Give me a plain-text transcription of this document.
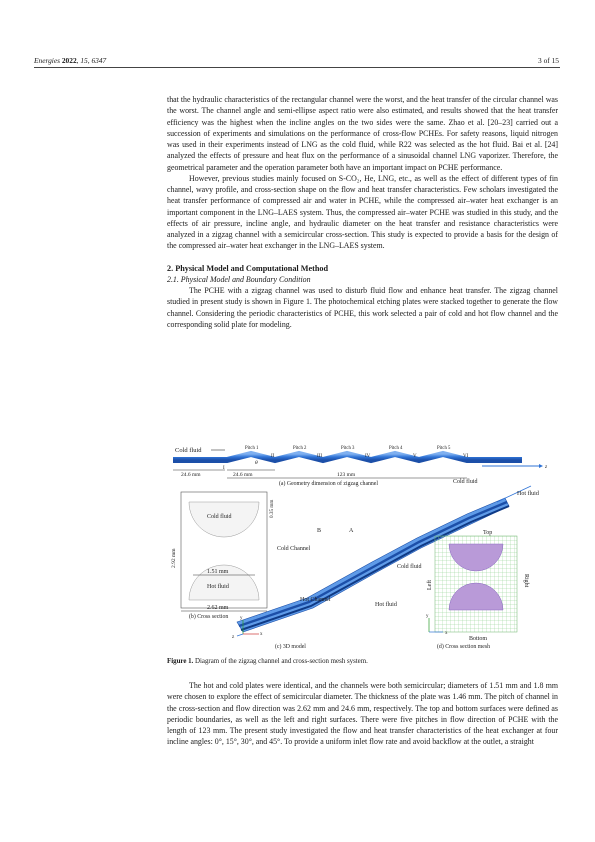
Energies 2022, 15, 6347	3 of 15

that the hydraulic characteristics of the rectangular channel were the worst, and the heat transfer of the circular channel was the worst. The channel angle and semi-ellipse aspect ratio were also estimated, and results showed that the heat transfer efficiency was the highest when the incline angles on the two sides were the same. Zhao et al. [20–23] carried out a succession of experiments and simulations on the performance of cross-flow PCHEs. For safety reasons, liquid nitrogen was used in their experiments instead of LNG as the cold fluid, while R22 was selected as the hot fluid. Bai et al. [24] analyzed the effects of pressure and heat flux on the performance of a sinusoidal channel LNG vaporizer. Therefore, the geometrical parameter and the operation parameter both have an important impact on PCHE performance.

However, previous studies mainly focused on S-CO₂, He, LNG, etc., as well as the effect of different types of fin channel, wavy profile, and cross-section shape on the flow and heat transfer characteristics. Few scholars investigated the heat transfer performance of compressed air and water in PCHE, while the compressed air–water heat exchanger is an important component in the LNG–LAES system. Thus, the compressed air–water PCHE was studied in this study, and the effects of air pressure, incline angle, and hydraulic diameter on the heat transfer and resistance characteristics were analyzed in a zigzag channel with a semicircular cross-section. This study is expected to provide a basis for the design of the compressed air–water heat exchanger in the LNG–LAES system.

2. Physical Model and Computational Method

2.1. Physical Model and Boundary Condition

The PCHE with a zigzag channel was used to disturb fluid flow and enhance heat transfer. The zigzag channel studied in present study is shown in Figure 1. The photochemical etching plates were stacked together to generate the flow channel. Considering the periodic characteristics of PCHE, this work selected a pair of cold and hot flow channel and the corresponding solid plate for modeling.

Cold fluid
z
Pitch 1	Pitch 2	Pitch 3	Pitch 4	Pitch 5
I
II	III	IV	V	VI
θ
24.6 mm	24.6 mm	123 mm
(a) Geometry dimension of zigzag channel
Cold fluid
Hot fluid
1.51 mm
2.62 mm
2.92 mm
0.35 mm
(b) Cross section
Cold Channel
B	A
Hot Channel
Cold fluid
Hot fluid
y
x
z
(c) 3D model
Top
Bottom
Left	Right
Cold fluid
Hot fluid
y
x
(d) Cross section mesh
Figure 1. Diagram of the zigzag channel and cross-section mesh system.

The hot and cold plates were identical, and the channels were both semicircular; diameters of 1.51 mm and 1.8 mm were chosen to explore the effect of semicircular diameter. The thickness of the plate was 1.46 mm. The pitch of channel in the cross-section and flow direction was 2.62 mm and 24.6 mm, respectively. The top and bottom surfaces were defined as periodic boundaries, as well as the left and right surfaces. There were five pitches in flow direction of PCHE with the length of 123 mm. The present study investigated the flow and heat transfer characteristics of the heat exchanger at four incline angles: 0°, 15°, 30°, and 45°. To provide a uniform inlet flow rate and avoid backflow at the outlet, a straight
